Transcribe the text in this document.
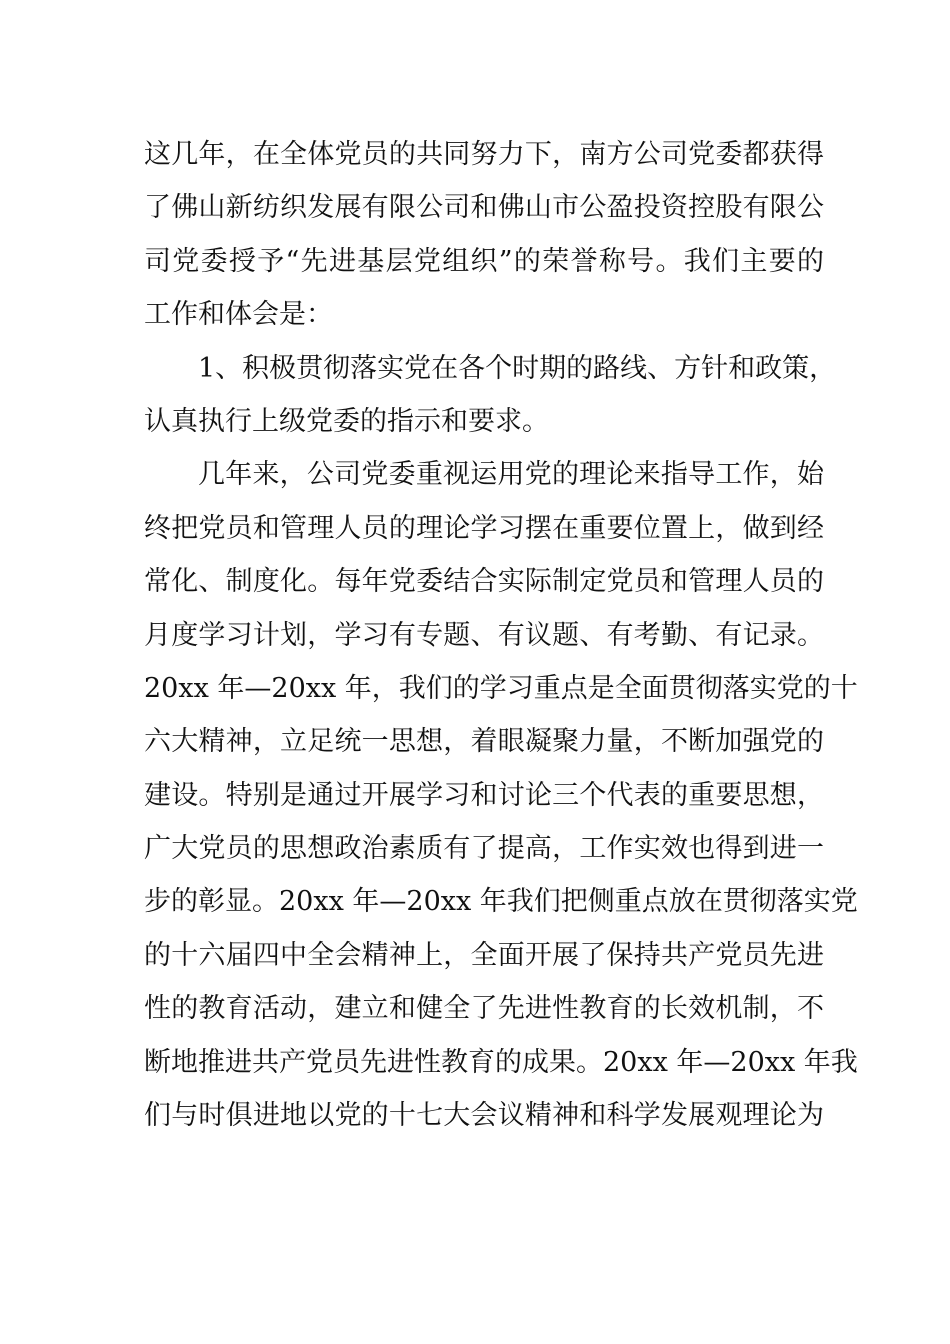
这几年，在全体党员的共同努力下，南方公司党委都获得
了佛山新纺织发展有限公司和佛山市公盈投资控股有限公
司党委授予“先进基层党组织”的荣誉称号。我们主要的
工作和体会是：
1、积极贯彻落实党在各个时期的路线、方针和政策，
认真执行上级党委的指示和要求。
几年来，公司党委重视运用党的理论来指导工作，始
终把党员和管理人员的理论学习摆在重要位置上，做到经
常化、制度化。每年党委结合实际制定党员和管理人员的
月度学习计划，学习有专题、有议题、有考勤、有记录。
20xx 年—20xx 年，我们的学习重点是全面贯彻落实党的十
六大精神，立足统一思想，着眼凝聚力量，不断加强党的
建设。特别是通过开展学习和讨论三个代表的重要思想，
广大党员的思想政治素质有了提高，工作实效也得到进一
步的彰显。20xx 年—20xx 年我们把侧重点放在贯彻落实党
的十六届四中全会精神上，全面开展了保持共产党员先进
性的教育活动，建立和健全了先进性教育的长效机制，不
断地推进共产党员先进性教育的成果。20xx 年—20xx 年我
们与时俱进地以党的十七大会议精神和科学发展观理论为
